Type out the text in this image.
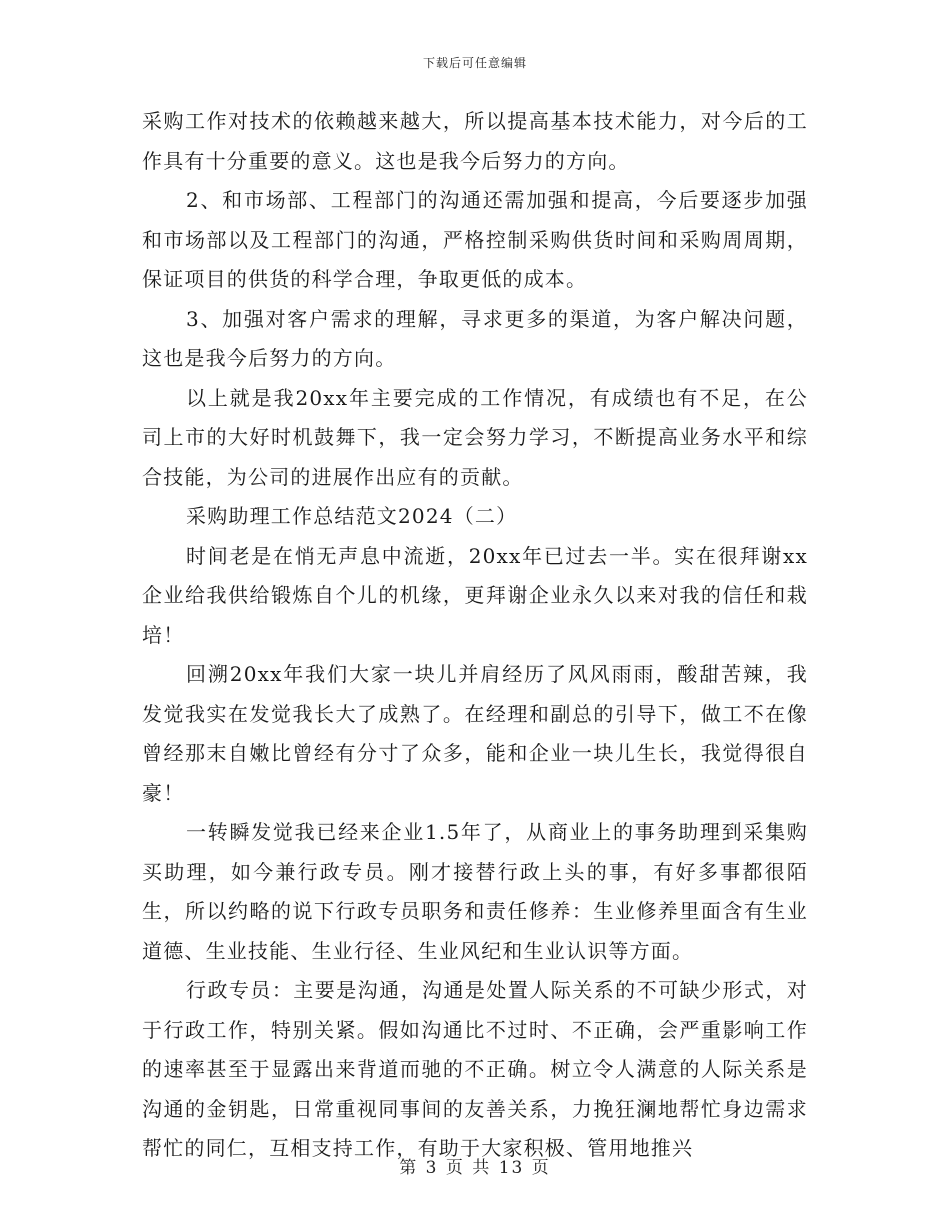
下载后可任意编辑

采购工作对技术的依赖越来越大，所以提高基本技术能力，对今后的工作具有十分重要的意义。这也是我今后努力的方向。

2、和市场部、工程部门的沟通还需加强和提高，今后要逐步加强和市场部以及工程部门的沟通，严格控制采购供货时间和采购周周期，保证项目的供货的科学合理，争取更低的成本。

3、加强对客户需求的理解，寻求更多的渠道，为客户解决问题，这也是我今后努力的方向。

以上就是我20xx年主要完成的工作情况，有成绩也有不足，在公司上市的大好时机鼓舞下，我一定会努力学习，不断提高业务水平和综合技能，为公司的进展作出应有的贡献。

采购助理工作总结范文2024（二）

时间老是在悄无声息中流逝，20xx年已过去一半。实在很拜谢xx企业给我供给锻炼自个儿的机缘，更拜谢企业永久以来对我的信任和栽培！

回溯20xx年我们大家一块儿并肩经历了风风雨雨，酸甜苦辣，我发觉我实在发觉我长大了成熟了。在经理和副总的引导下，做工不在像曾经那末自嫩比曾经有分寸了众多，能和企业一块儿生长，我觉得很自豪！

一转瞬发觉我已经来企业1.5年了，从商业上的事务助理到采集购买助理，如今兼行政专员。刚才接替行政上头的事，有好多事都很陌生，所以约略的说下行政专员职务和责任修养：生业修养里面含有生业道德、生业技能、生业行径、生业风纪和生业认识等方面。

行政专员：主要是沟通，沟通是处置人际关系的不可缺少形式，对于行政工作，特别关紧。假如沟通比不过时、不正确，会严重影响工作的速率甚至于显露出来背道而驰的不正确。树立令人满意的人际关系是沟通的金钥匙，日常重视同事间的友善关系，力挽狂澜地帮忙身边需求帮忙的同仁，互相支持工作，有助于大家积极、管用地推兴

第 3 页 共 13 页
